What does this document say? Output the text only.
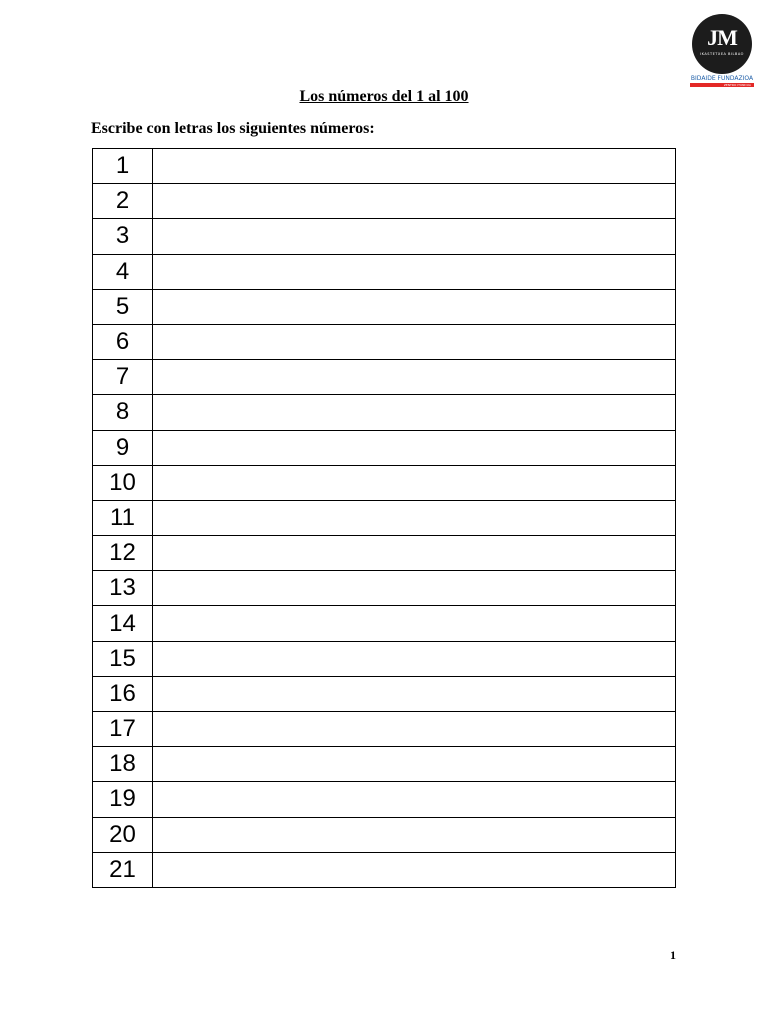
JM
IKASTETXEA BILBAO
BIDAIDE FUNDAZIOA
ZENTRO ITUNDUA
Los números del 1 al 100

Escribe con letras los siguientes números:

1	
2	
3	
4	
5	
6	
7	
8	
9	
10	
11	
12	
13	
14	
15	
16	
17	
18	
19	
20	
21	
1
